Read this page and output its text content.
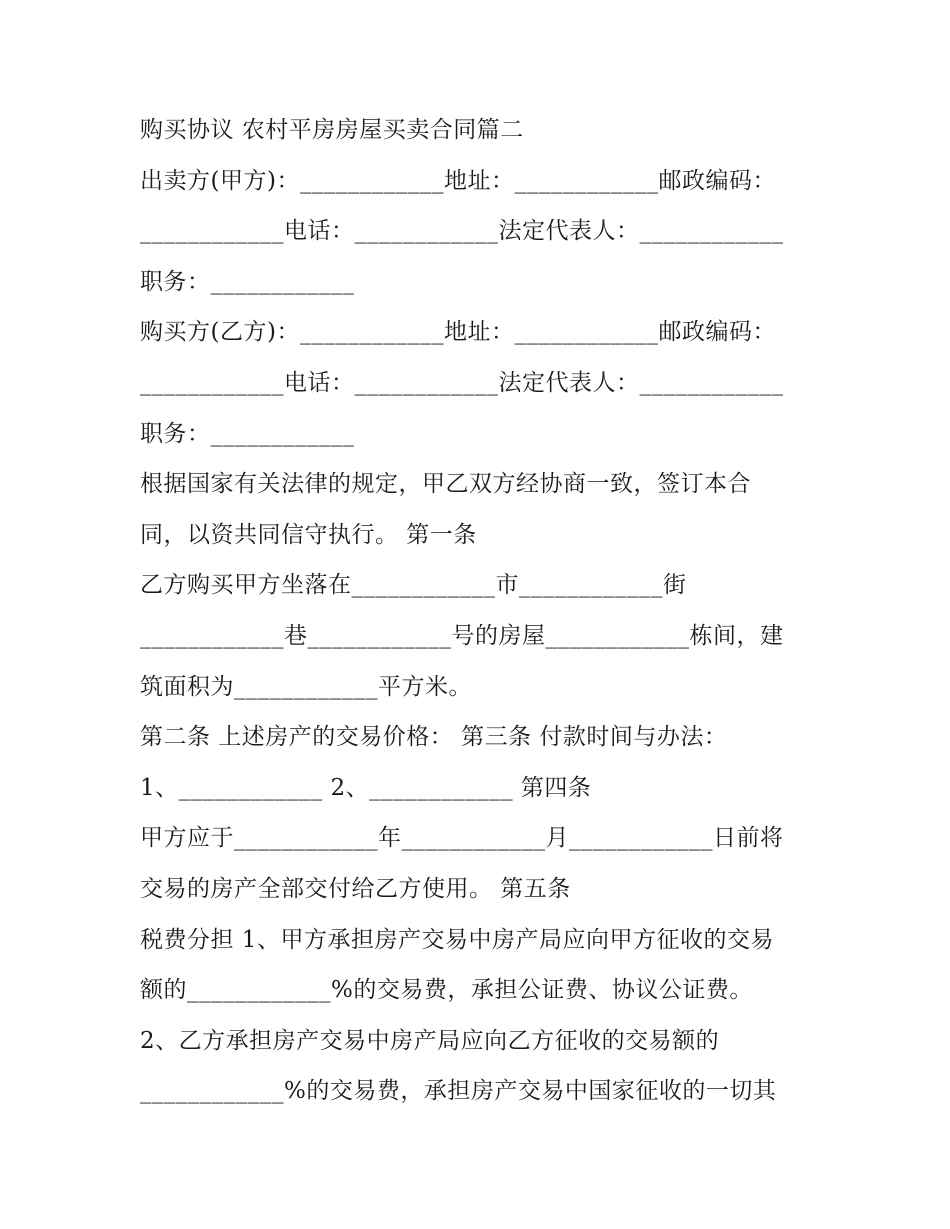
购买协议 农村平房房屋买卖合同篇二
出卖方(甲方)：____________地址：____________邮政编码：
____________电话：____________法定代表人：____________
职务：____________
购买方(乙方)：____________地址：____________邮政编码：
____________电话：____________法定代表人：____________
职务：____________
根据国家有关法律的规定，甲乙双方经协商一致，签订本合
同，以资共同信守执行。 第一条
乙方购买甲方坐落在____________市____________街
____________巷____________号的房屋____________栋间，建
筑面积为____________平方米。
第二条 上述房产的交易价格： 第三条 付款时间与办法：
1、____________ 2、____________ 第四条
甲方应于____________年____________月____________日前将
交易的房产全部交付给乙方使用。 第五条
税费分担 1、甲方承担房产交易中房产局应向甲方征收的交易
额的____________%的交易费，承担公证费、协议公证费。
2、乙方承担房产交易中房产局应向乙方征收的交易额的
____________%的交易费，承担房产交易中国家征收的一切其
